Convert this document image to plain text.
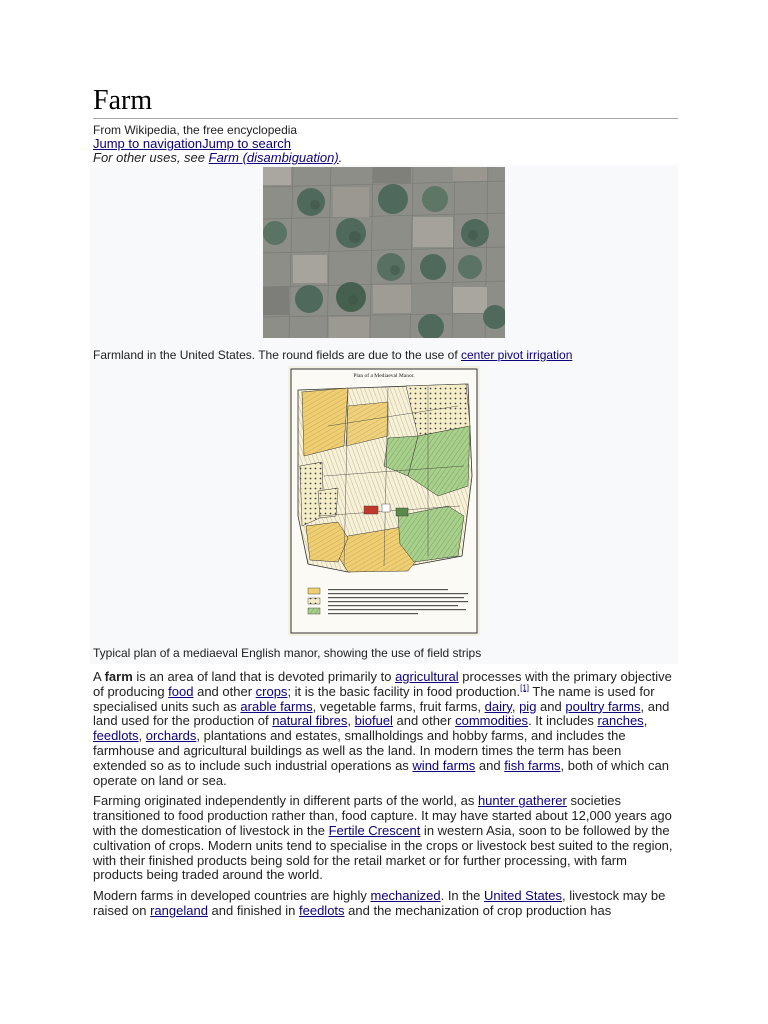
Farm
From Wikipedia, the free encyclopedia
Jump to navigationJump to search
For other uses, see Farm (disambiguation).
Farmland in the United States. The round fields are due to the use of center pivot irrigation
Plan of a Mediaeval Manor.
Typical plan of a mediaeval English manor, showing the use of field strips

A farm is an area of land that is devoted primarily to agricultural processes with the primary objective of producing food and other crops; it is the basic facility in food production.[1] The name is used for specialised units such as arable farms, vegetable farms, fruit farms, dairy, pig and poultry farms, and land used for the production of natural fibres, biofuel and other commodities. It includes ranches, feedlots, orchards, plantations and estates, smallholdings and hobby farms, and includes the farmhouse and agricultural buildings as well as the land. In modern times the term has been extended so as to include such industrial operations as wind farms and fish farms, both of which can operate on land or sea.

Farming originated independently in different parts of the world, as hunter gatherer societies transitioned to food production rather than, food capture. It may have started about 12,000 years ago with the domestication of livestock in the Fertile Crescent in western Asia, soon to be followed by the cultivation of crops. Modern units tend to specialise in the crops or livestock best suited to the region, with their finished products being sold for the retail market or for further processing, with farm products being traded around the world.

Modern farms in developed countries are highly mechanized. In the United States, livestock may be raised on rangeland and finished in feedlots and the mechanization of crop production has
